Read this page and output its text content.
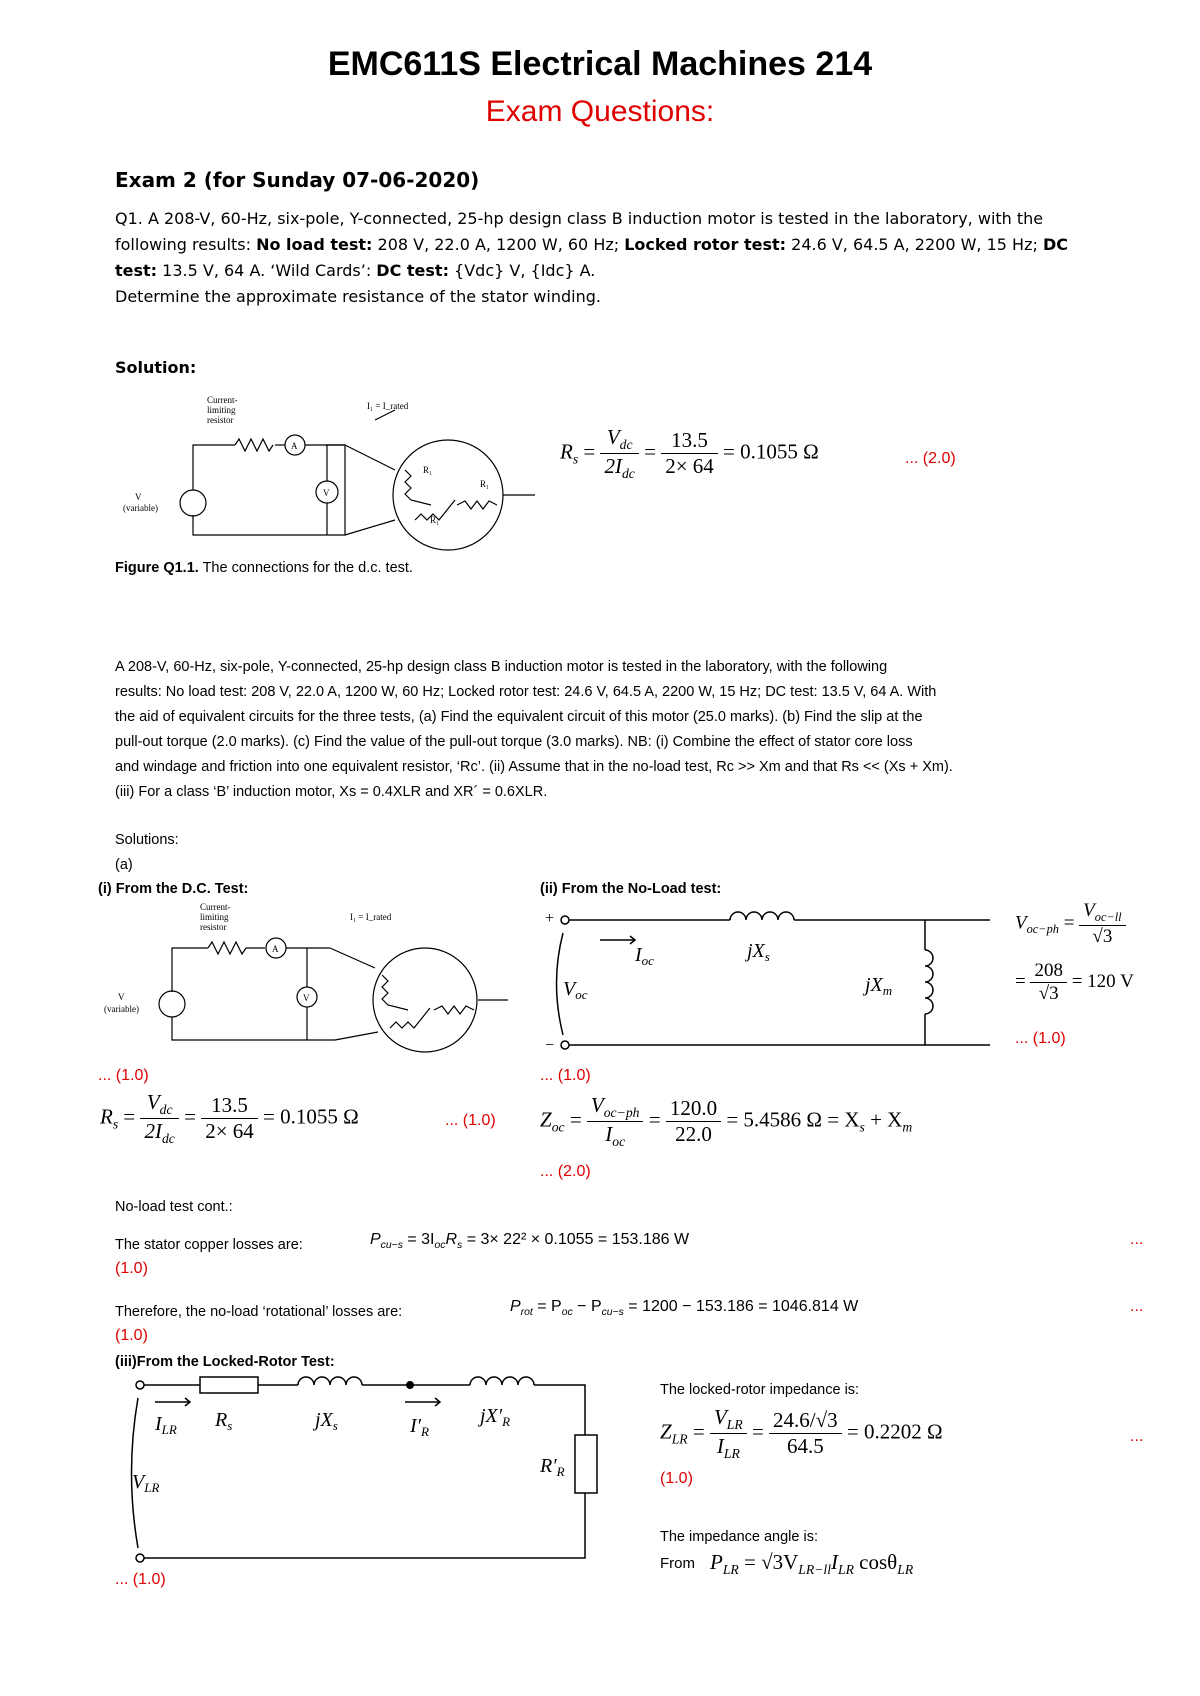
EMC611S Electrical Machines 214
Exam Questions:
Exam 2 (for Sunday 07-06-2020)
Q1. A 208-V, 60-Hz, six-pole, Y-connected, 25-hp design class B induction motor is tested in the laboratory, with the
following results: No load test: 208 V, 22.0 A, 1200 W, 60 Hz; Locked rotor test: 24.6 V, 64.5 A, 2200 W, 15 Hz; DC
test: 13.5 V, 64 A. ‘Wild Cards’: DC test: {Vdc} V, {Idc} A.
Determine the approximate resistance of the stator winding.
Solution:
Current-
limiting
resistor
V
(variable)
A
V
I₁ = I_rated
R₁
R₁
R₁
$R_s = \frac{V_{dc}}{2I_{dc}} = \frac{13.5}{2\times 64} = 0.1055$ Ω	... (2.0)
Figure Q1.1. The connections for the d.c. test.
A 208-V, 60-Hz, six-pole, Y-connected, 25-hp design class B induction motor is tested in the laboratory, with the following
results: No load test: 208 V, 22.0 A, 1200 W, 60 Hz; Locked rotor test: 24.6 V, 64.5 A, 2200 W, 15 Hz; DC test: 13.5 V, 64 A. With
the aid of equivalent circuits for the three tests, (a) Find the equivalent circuit of this motor (25.0 marks). (b) Find the slip at the
pull-out torque (2.0 marks). (c) Find the value of the pull-out torque (3.0 marks). NB: (i) Combine the effect of stator core loss
and windage and friction into one equivalent resistor, ‘Rc’. (ii) Assume that in the no-load test, Rc >> Xm and that Rs << (Xs + Xm).
(iii) For a class ‘B’ induction motor, Xs = 0.4XLR and XR´ = 0.6XLR.
Solutions:
(a)
(i) From the D.C. Test:	(ii) From the No-Load test:
Current-
limiting
resistor
V
(variable)
A
V
I₁ = I_rated
... (1.0)
$R_s = \frac{V_{dc}}{2I_{dc}} = \frac{13.5}{2\times 64} = 0.1055$ Ω	... (1.0)
+
−
$I_{oc}$	$jX_s$
$V_{oc}$	$jX_m$
... (1.0)
$Z_{oc} = \frac{V_{oc-ph}}{I_{oc}} = \frac{120.0}{22.0} = 5.4586$ $\Omega = X_s + X_m$
... (2.0)
$V_{oc-ph} = \frac{V_{oc-ll}}{√3}$
= $\frac{208}{√3} = 120$ V
... (1.0)
No-load test cont.:
The stator copper losses are:	$P_{cu-s} = 3I_{oc}R_s = 3\times 22^2 \times 0.1055 = 153.186$ W	...
(1.0)
Therefore, the no-load ‘rotational’ losses are:	$P_{rot} = P_{oc} - P_{cu-s} = 1200 - 153.186 = 1046.814$ W	...
(1.0)
(iii)From the Locked-Rotor Test:
$I_{LR}$ $R_s$	$jX_s$	$I'_R$
$jX'_R$
$R'_R$
$V_{LR}$
... (1.0)
The locked-rotor impedance is:
$Z_{LR} = \frac{V_{LR}}{I_{LR}} = \frac{24.6/√3}{64.5} = 0.2202$ Ω	...
(1.0)
The impedance angle is:
From $P_{LR} = √3V_{LR-ll}I_{LR}$ cosθ$_{LR}$
